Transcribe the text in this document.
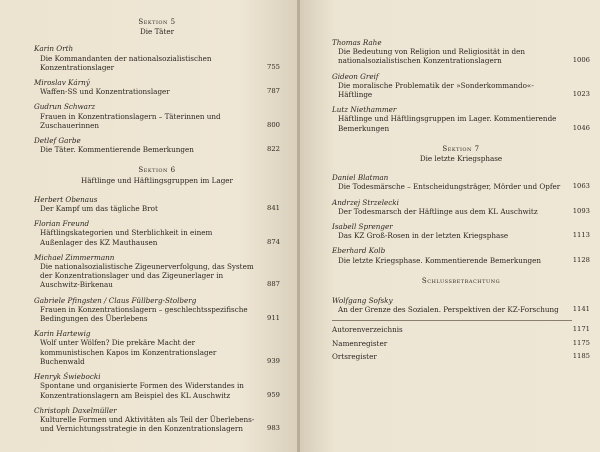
Sektion 5
Die Täter
Karin Orth
Die Kommandanten der nationalsozialistischen Konzentrationslager	755
Miroslav Kárný
Waffen-SS und Konzentrationslager	787
Gudrun Schwarz
Frauen in Konzentrationslagern – Täterinnen und Zuschauerinnen	800
Detlef Garbe
Die Täter. Kommentierende Bemerkungen	822
Sektion 6
Häftlinge und Häftlingsgruppen im Lager
Herbert Obenaus
Der Kampf um das tägliche Brot	841
Florian Freund
Häftlingskategorien und Sterblichkeit in einem Außenlager des KZ Mauthausen	874
Michael Zimmermann
Die nationalsozialistische Zigeunerverfolgung, das System der Konzentrationslager und das Zigeunerlager in Auschwitz-Birkenau	887
Gabriele Pfingsten / Claus Füllberg-Stolberg
Frauen in Konzentrationslagern – geschlechtsspezifische Bedingungen des Überlebens	911
Karin Hartewig
Wolf unter Wölfen? Die prekäre Macht der kommunistischen Kapos im Konzentrationslager Buchenwald	939
Henryk Świebocki
Spontane und organisierte Formen des Widerstandes in Konzentrationslagern am Beispiel des KL Auschwitz	959
Christoph Daxelmüller
Kulturelle Formen und Aktivitäten als Teil der Überlebens- und Vernichtungsstrategie in den Konzentrationslagern	983
Thomas Rahe
Die Bedeutung von Religion und Religiosität in den nationalsozialistischen Konzentrationslagern	1006
Gideon Greif
Die moralische Problematik der »Sonderkommando«-Häftlinge	1023
Lutz Niethammer
Häftlinge und Häftlingsgruppen im Lager. Kommentierende Bemerkungen	1046
Sektion 7
Die letzte Kriegsphase
Daniel Blatman
Die Todesmärsche – Entscheidungsträger, Mörder und Opfer 1063
Andrzej Strzelecki
Der Todesmarsch der Häftlinge aus dem KL Auschwitz	1093
Isabell Sprenger
Das KZ Groß-Rosen in der letzten Kriegsphase	1113
Eberhard Kolb
Die letzte Kriegsphase. Kommentierende Bemerkungen	1128
Schlussbetrachtung
Wolfgang Sofsky
An der Grenze des Sozialen. Perspektiven der KZ-Forschung 1141
Autorenverzeichnis	1171
Namenregister	1175
Ortsregister	1185
